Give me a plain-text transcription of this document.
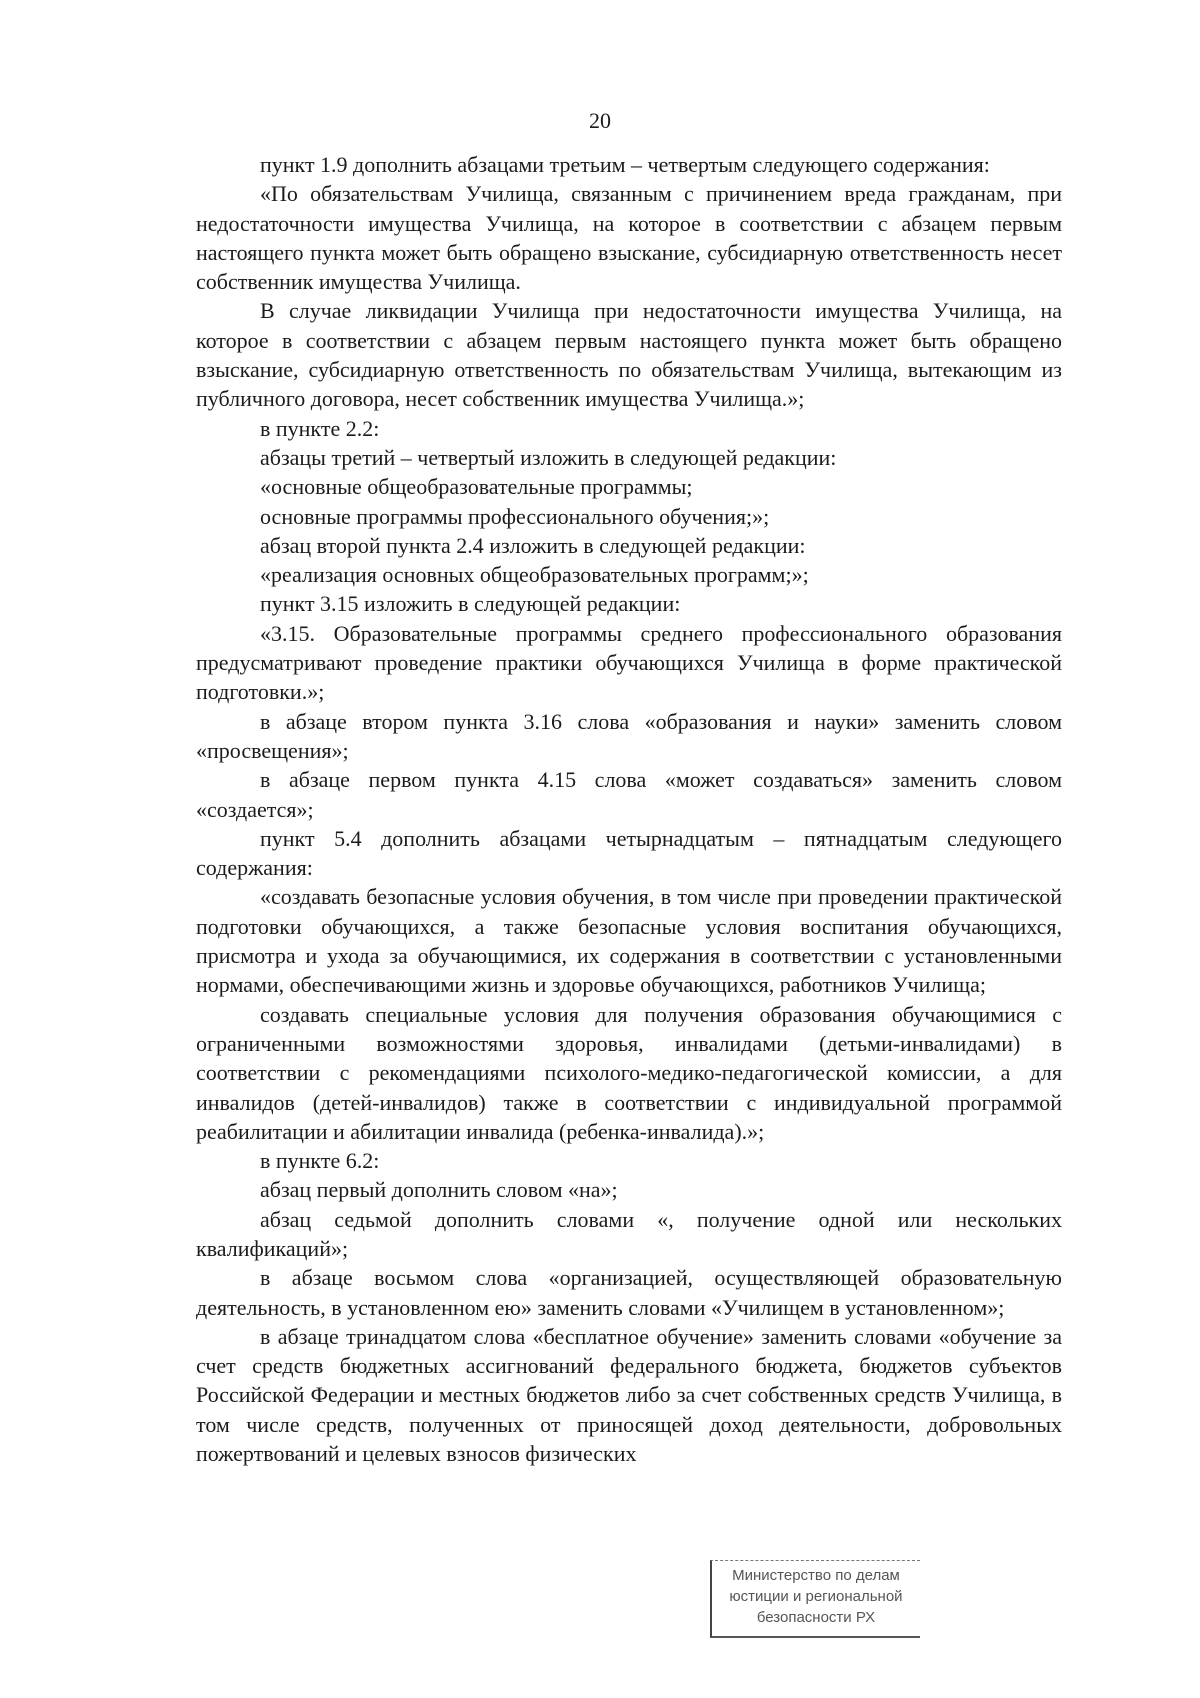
20

пункт 1.9 дополнить абзацами третьим – четвертым следующего содержания:

«По обязательствам Училища, связанным с причинением вреда гражданам, при недостаточности имущества Училища, на которое в соответствии с абзацем первым настоящего пункта может быть обращено взыскание, субсидиарную ответственность несет собственник имущества Училища.

В случае ликвидации Училища при недостаточности имущества Училища, на которое в соответствии с абзацем первым настоящего пункта может быть обращено взыскание, субсидиарную ответственность по обязательствам Училища, вытекающим из публичного договора, несет собственник имущества Училища.»;

в пункте 2.2:

абзацы третий – четвертый изложить в следующей редакции:

«основные общеобразовательные программы;

основные программы профессионального обучения;»;

абзац второй пункта 2.4 изложить в следующей редакции:

«реализация основных общеобразовательных программ;»;

пункт 3.15 изложить в следующей редакции:

«3.15. Образовательные программы среднего профессионального образования предусматривают проведение практики обучающихся Училища в форме практической подготовки.»;

в абзаце втором пункта 3.16 слова «образования и науки» заменить словом «просвещения»;

в абзаце первом пункта 4.15 слова «может создаваться» заменить словом «создается»;

пункт 5.4 дополнить абзацами четырнадцатым – пятнадцатым следующего содержания:

«создавать безопасные условия обучения, в том числе при проведении практической подготовки обучающихся, а также безопасные условия воспитания обучающихся, присмотра и ухода за обучающимися, их содержания в соответствии с установленными нормами, обеспечивающими жизнь и здоровье обучающихся, работников Училища;

создавать специальные условия для получения образования обучающимися с ограниченными возможностями здоровья, инвалидами (детьми-инвалидами) в соответствии с рекомендациями психолого-медико-педагогической комиссии, а для инвалидов (детей-инвалидов) также в соответствии с индивидуальной программой реабилитации и абилитации инвалида (ребенка-инвалида).»;

в пункте 6.2:

абзац первый дополнить словом «на»;

абзац седьмой дополнить словами «, получение одной или нескольких квалификаций»;

в абзаце восьмом слова «организацией, осуществляющей образовательную деятельность, в установленном ею» заменить словами «Училищем в установленном»;

в абзаце тринадцатом слова «бесплатное обучение» заменить словами «обучение за счет средств бюджетных ассигнований федерального бюджета, бюджетов субъектов Российской Федерации и местных бюджетов либо за счет собственных средств Училища, в том числе средств, полученных от приносящей доход деятельности, добровольных пожертвований и целевых взносов физических

Министерство по делам
юстиции и региональной
безопасности РХ
